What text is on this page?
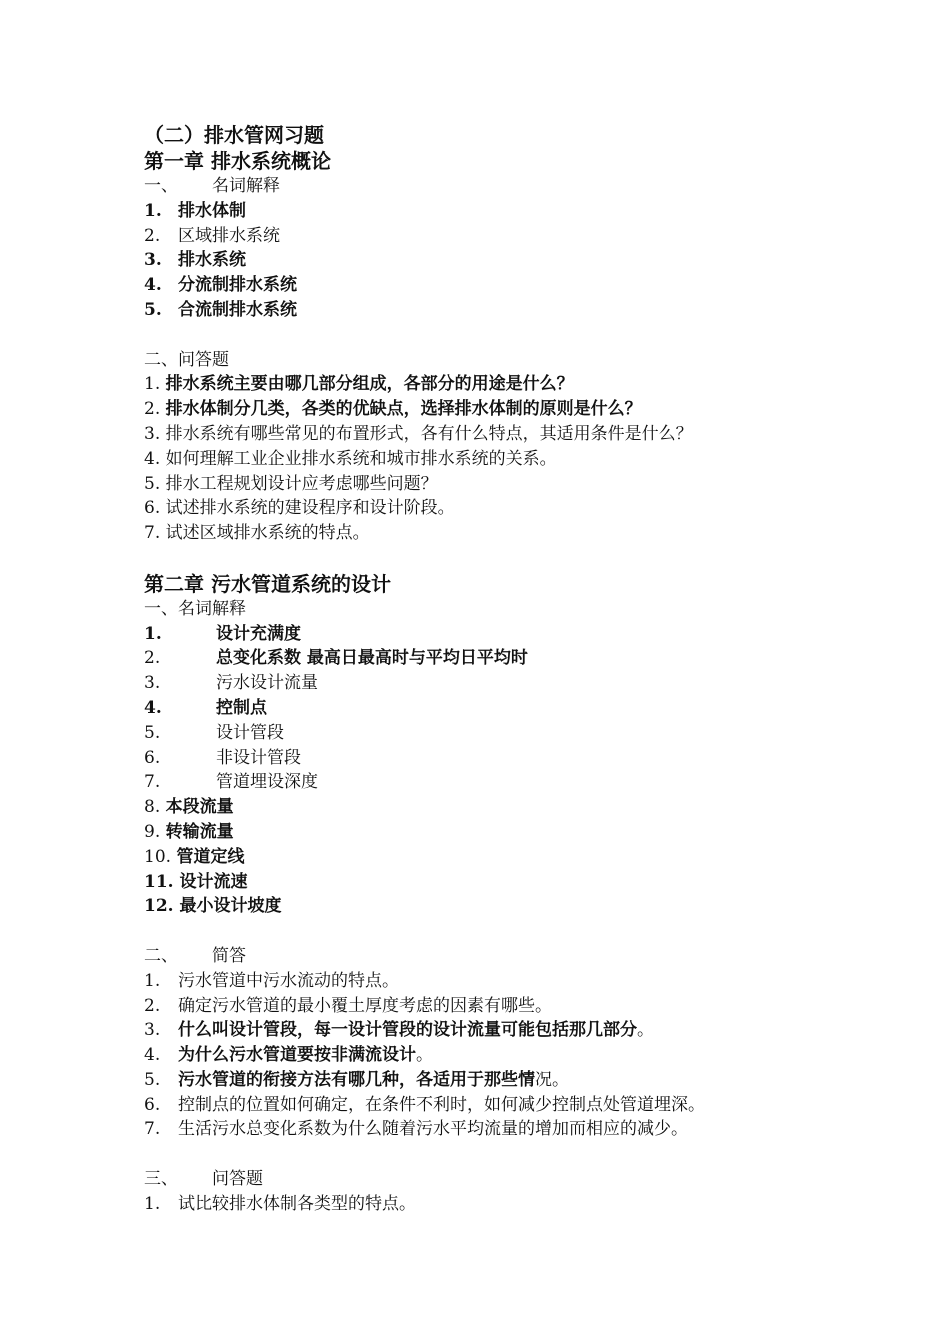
（二）排水管网习题
第一章 排水系统概论
一、 名词解释
1. 排水体制
2. 区域排水系统
3. 排水系统
4. 分流制排水系统
5. 合流制排水系统
二、问答题
1. 排水系统主要由哪几部分组成，各部分的用途是什么？
2. 排水体制分几类，各类的优缺点，选择排水体制的原则是什么？
3. 排水系统有哪些常见的布置形式，各有什么特点，其适用条件是什么？
4. 如何理解工业企业排水系统和城市排水系统的关系。
5. 排水工程规划设计应考虑哪些问题？
6. 试述排水系统的建设程序和设计阶段。
7. 试述区域排水系统的特点。
第二章 污水管道系统的设计
一、名词解释
1.	设计充满度
2.	总变化系数 最高日最高时与平均日平均时
3.	污水设计流量
4.	控制点
5.	设计管段
6.	非设计管段
7.	管道埋设深度
8. 本段流量
9. 转输流量
10. 管道定线
11. 设计流速
12. 最小设计坡度
二、 简答
1. 污水管道中污水流动的特点。
2. 确定污水管道的最小覆土厚度考虑的因素有哪些。
3. 什么叫设计管段，每一设计管段的设计流量可能包括那几部分。
4. 为什么污水管道要按非满流设计。
5. 污水管道的衔接方法有哪几种，各适用于那些情况。
6. 控制点的位置如何确定，在条件不利时，如何减少控制点处管道埋深。
7. 生活污水总变化系数为什么随着污水平均流量的增加而相应的减少。
三、 问答题
1. 试比较排水体制各类型的特点。
